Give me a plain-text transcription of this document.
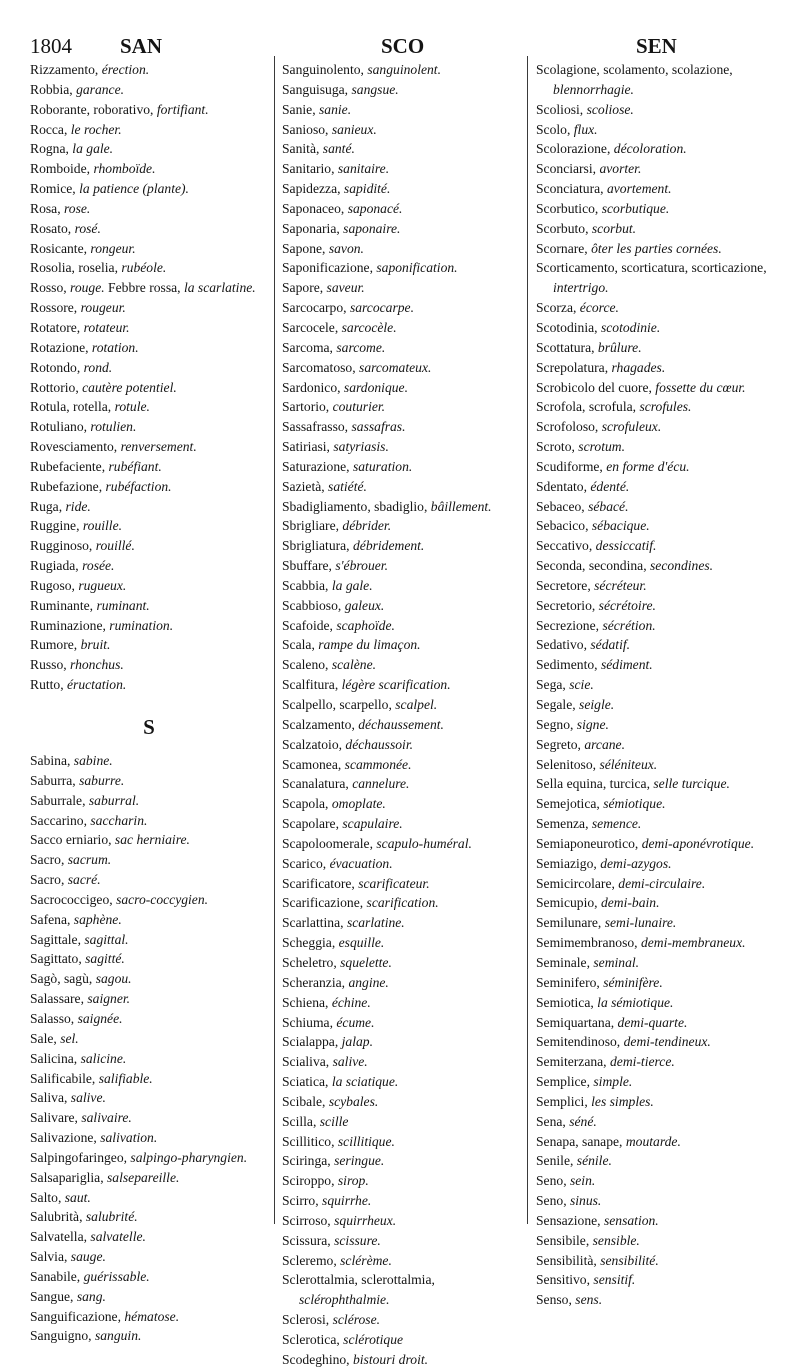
1804 SAN	SCO	SEN

Rizzamento, érection.

Robbia, garance.

Roborante, roborativo, fortifiant.

Rocca, le rocher.

Rogna, la gale.

Romboide, rhomboïde.

Romice, la patience (plante).

Rosa, rose.

Rosato, rosé.

Rosicante, rongeur.

Rosolia, roselia, rubéole.

Rosso, rouge. Febbre rossa, la scarlatine.

Rossore, rougeur.

Rotatore, rotateur.

Rotazione, rotation.

Rotondo, rond.

Rottorio, cautère potentiel.

Rotula, rotella, rotule.

Rotuliano, rotulien.

Rovesciamento, renversement.

Rubefaciente, rubéfiant.

Rubefazione, rubéfaction.

Ruga, ride.

Ruggine, rouille.

Rugginoso, rouillé.

Rugiada, rosée.

Rugoso, rugueux.

Ruminante, ruminant.

Ruminazione, rumination.

Rumore, bruit.

Russo, rhonchus.

Rutto, éructation.

S

Sabina, sabine.

Saburra, saburre.

Saburrale, saburral.

Saccarino, saccharin.

Sacco erniario, sac herniaire.

Sacro, sacrum.

Sacro, sacré.

Sacrococcigeo, sacro-coccygien.

Safena, saphène.

Sagittale, sagittal.

Sagittato, sagitté.

Sagò, sagù, sagou.

Salassare, saigner.

Salasso, saignée.

Sale, sel.

Salicina, salicine.

Salificabile, salifiable.

Saliva, salive.

Salivare, salivaire.

Salivazione, salivation.

Salpingofaringeo, salpingo-pharyngien.

Salsapariglia, salsepareille.

Salto, saut.

Salubrità, salubrité.

Salvatella, salvatelle.

Salvia, sauge.

Sanabile, guérissable.

Sangue, sang.

Sanguificazione, hématose.

Sanguigno, sanguin.

Sanguinolento, sanguinolent.

Sanguisuga, sangsue.

Sanie, sanie.

Sanioso, sanieux.

Sanità, santé.

Sanitario, sanitaire.

Sapidezza, sapidité.

Saponaceo, saponacé.

Saponaria, saponaire.

Sapone, savon.

Saponificazione, saponification.

Sapore, saveur.

Sarcocarpo, sarcocarpe.

Sarcocele, sarcocèle.

Sarcoma, sarcome.

Sarcomatoso, sarcomateux.

Sardonico, sardonique.

Sartorio, couturier.

Sassafrasso, sassafras.

Satiriasi, satyriasis.

Saturazione, saturation.

Sazietà, satiété.

Sbadigliamento, sbadiglio, bâillement.

Sbrigliare, débrider.

Sbrigliatura, débridement.

Sbuffare, s'ébrouer.

Scabbia, la gale.

Scabbioso, galeux.

Scafoide, scaphoïde.

Scala, rampe du limaçon.

Scaleno, scalène.

Scalfitura, légère scarification.

Scalpello, scarpello, scalpel.

Scalzamento, déchaussement.

Scalzatoio, déchaussoir.

Scamonea, scammonée.

Scanalatura, cannelure.

Scapola, omoplate.

Scapolare, scapulaire.

Scapoloomerale, scapulo-huméral.

Scarico, évacuation.

Scarificatore, scarificateur.

Scarificazione, scarification.

Scarlattina, scarlatine.

Scheggia, esquille.

Scheletro, squelette.

Scheranzia, angine.

Schiena, échine.

Schiuma, écume.

Scialappa, jalap.

Scialiva, salive.

Sciatica, la sciatique.

Scibale, scybales.

Scilla, scille

Scillitico, scillitique.

Sciringa, seringue.

Sciroppo, sirop.

Scirro, squirrhe.

Scirroso, squirrheux.

Scissura, scissure.

Scleremo, sclérème.

Sclerottalmia, sclerottalmia, sclérophthalmie.

Sclerosi, sclérose.

Sclerotica, sclérotique

Scodeghino, bistouri droit.

Scolagione, scolamento, scolazione, blennorrhagie.

Scoliosi, scoliose.

Scolo, flux.

Scolorazione, décoloration.

Sconciarsi, avorter.

Sconciatura, avortement.

Scorbutico, scorbutique.

Scorbuto, scorbut.

Scornare, ôter les parties cornées.

Scorticamento, scorticatura, scorticazione, intertrigo.

Scorza, écorce.

Scotodinia, scotodinie.

Scottatura, brûlure.

Screpolatura, rhagades.

Scrobicolo del cuore, fossette du cœur.

Scrofola, scrofula, scrofules.

Scrofoloso, scrofuleux.

Scroto, scrotum.

Scudiforme, en forme d'écu.

Sdentato, édenté.

Sebaceo, sébacé.

Sebacico, sébacique.

Seccativo, dessiccatif.

Seconda, secondina, secondines.

Secretore, sécréteur.

Secretorio, sécrétoire.

Secrezione, sécrétion.

Sedativo, sédatif.

Sedimento, sédiment.

Sega, scie.

Segale, seigle.

Segno, signe.

Segreto, arcane.

Selenitoso, séléniteux.

Sella equina, turcica, selle turcique.

Semejotica, sémiotique.

Semenza, semence.

Semiaponeurotico, demi-aponévrotique.

Semiazigo, demi-azygos.

Semicircolare, demi-circulaire.

Semicupio, demi-bain.

Semilunare, semi-lunaire.

Semimembranoso, demi-membraneux.

Seminale, seminal.

Seminifero, séminifère.

Semiotica, la sémiotique.

Semiquartana, demi-quarte.

Semitendinoso, demi-tendineux.

Semiterzana, demi-tierce.

Semplice, simple.

Semplici, les simples.

Sena, séné.

Senapa, sanape, moutarde.

Senile, sénile.

Seno, sein.

Seno, sinus.

Sensazione, sensation.

Sensibile, sensible.

Sensibilità, sensibilité.

Sensitivo, sensitif.

Senso, sens.
